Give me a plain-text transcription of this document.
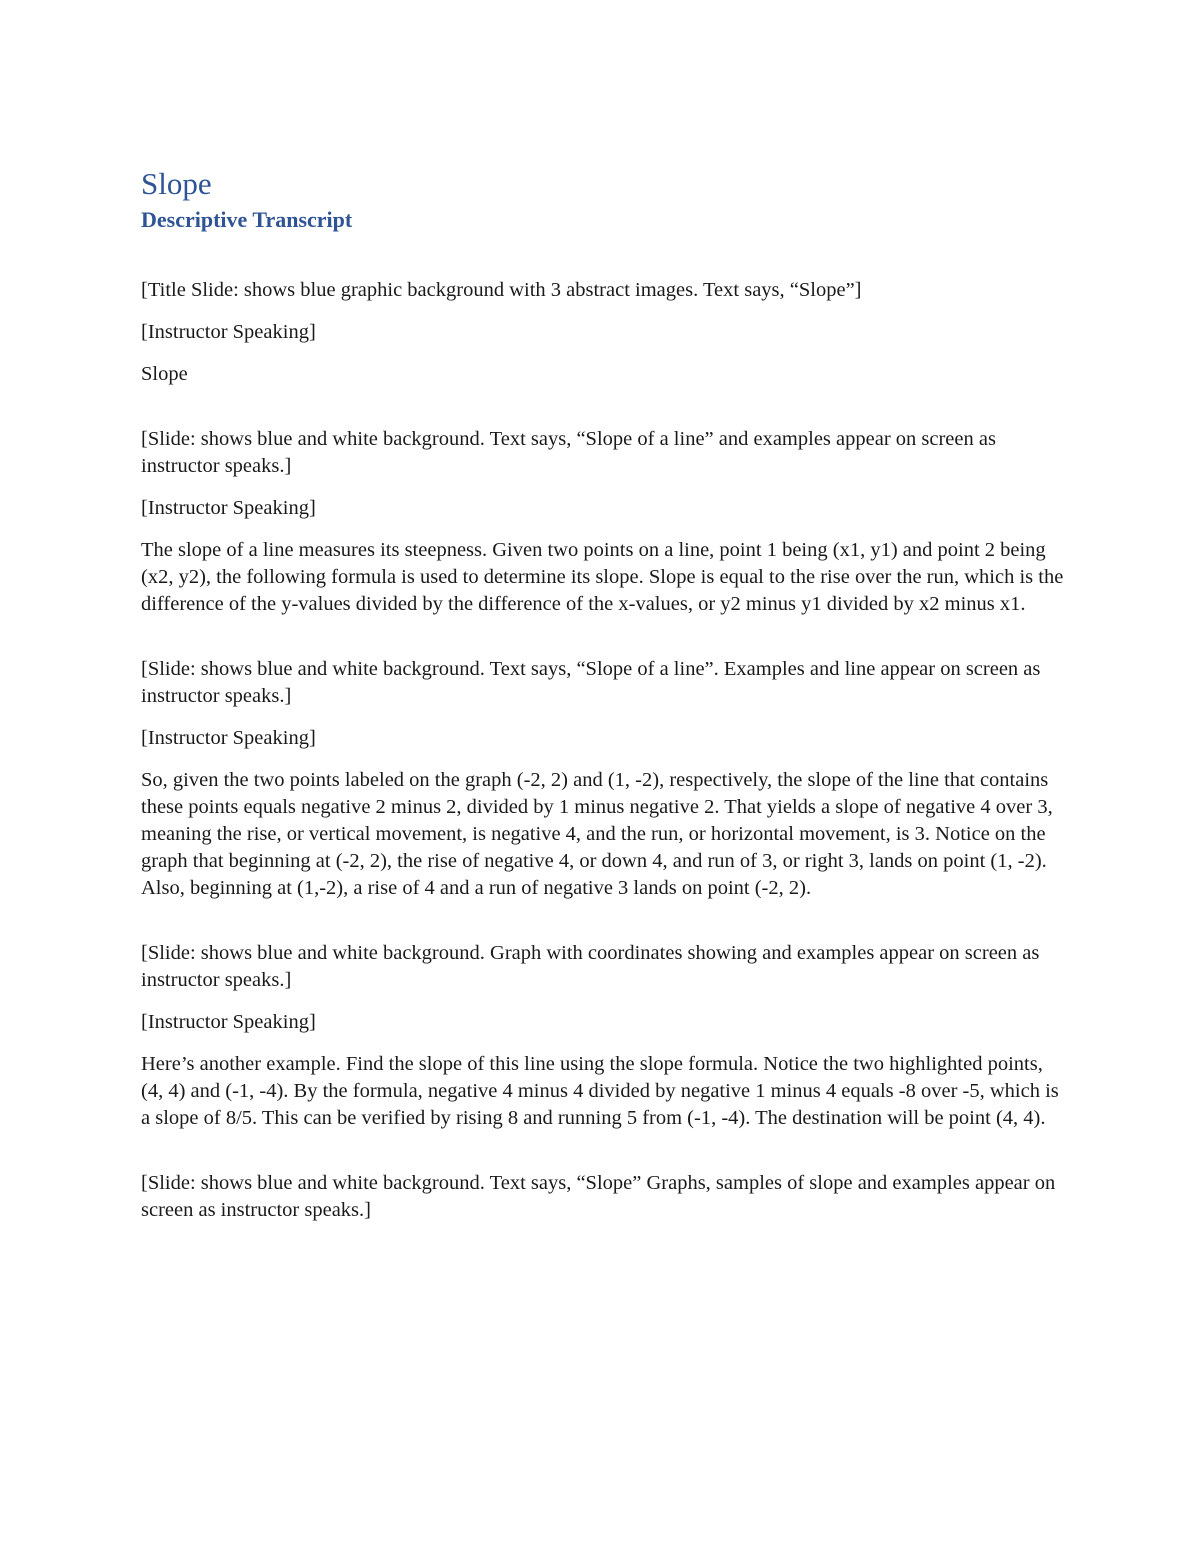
Slope
Descriptive Transcript

[Title Slide: shows blue graphic background with 3 abstract images. Text says, “Slope”]

[Instructor Speaking]

Slope

[Slide: shows blue and white background. Text says, “Slope of a line” and examples appear on screen as instructor speaks.]

[Instructor Speaking]

The slope of a line measures its steepness. Given two points on a line, point 1 being (x1, y1) and point 2 being (x2, y2), the following formula is used to determine its slope. Slope is equal to the rise over the run, which is the difference of the y-values divided by the difference of the x-values, or y2 minus y1 divided by x2 minus x1.

[Slide: shows blue and white background. Text says, “Slope of a line”. Examples and line appear on screen as instructor speaks.]

[Instructor Speaking]

So, given the two points labeled on the graph (-2, 2) and (1, -2), respectively, the slope of the line that contains these points equals negative 2 minus 2, divided by 1 minus negative 2. That yields a slope of negative 4 over 3, meaning the rise, or vertical movement, is negative 4, and the run, or horizontal movement, is 3. Notice on the graph that beginning at (-2, 2), the rise of negative 4, or down 4, and run of 3, or right 3, lands on point (1, -2). Also, beginning at (1,-2), a rise of 4 and a run of negative 3 lands on point (-2, 2).

[Slide: shows blue and white background. Graph with coordinates showing and examples appear on screen as instructor speaks.]

[Instructor Speaking]

Here’s another example. Find the slope of this line using the slope formula. Notice the two highlighted points, (4, 4) and (-1, -4). By the formula, negative 4 minus 4 divided by negative 1 minus 4 equals -8 over -5, which is a slope of 8/5. This can be verified by rising 8 and running 5 from (-1, -4). The destination will be point (4, 4).

[Slide: shows blue and white background. Text says, “Slope” Graphs, samples of slope and examples appear on screen as instructor speaks.]
